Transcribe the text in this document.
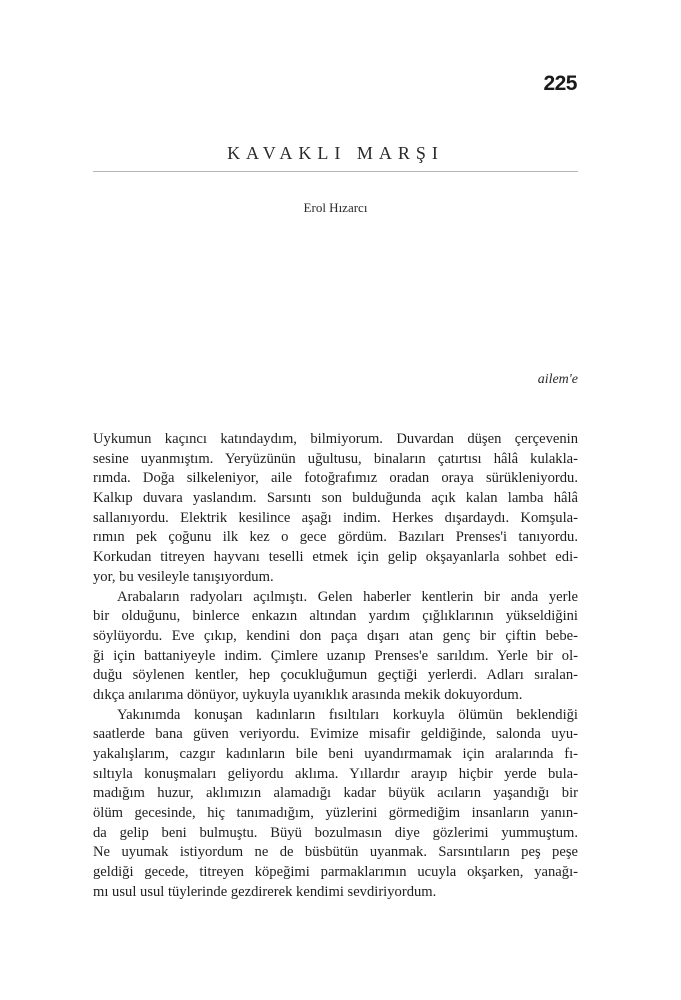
225
KAVAKLI MARŞI
Erol Hızarcı
ailem'e
Uykumun kaçıncı katındaydım, bilmiyorum. Duvardan düşen çerçevenin
sesine uyanmıştım. Yeryüzünün uğultusu, binaların çatırtısı hâlâ kulakla-
rımda. Doğa silkeleniyor, aile fotoğrafımız oradan oraya sürükleniyordu.
Kalkıp duvara yaslandım. Sarsıntı son bulduğunda açık kalan lamba hâlâ
sallanıyordu. Elektrik kesilince aşağı indim. Herkes dışardaydı. Komşula-
rımın pek çoğunu ilk kez o gece gördüm. Bazıları Prenses'i tanıyordu.
Korkudan titreyen hayvanı teselli etmek için gelip okşayanlarla sohbet edi-
yor, bu vesileyle tanışıyordum.
Arabaların radyoları açılmıştı. Gelen haberler kentlerin bir anda yerle
bir olduğunu, binlerce enkazın altından yardım çığlıklarının yükseldiğini
söylüyordu. Eve çıkıp, kendini don paça dışarı atan genç bir çiftin bebe-
ği için battaniyeyle indim. Çimlere uzanıp Prenses'e sarıldım. Yerle bir ol-
duğu söylenen kentler, hep çocukluğumun geçtiği yerlerdi. Adları sıralan-
dıkça anılarıma dönüyor, uykuyla uyanıklık arasında mekik dokuyordum.
Yakınımda konuşan kadınların fısıltıları korkuyla ölümün beklendiği
saatlerde bana güven veriyordu. Evimize misafir geldiğinde, salonda uyu-
yakalışlarım, cazgır kadınların bile beni uyandırmamak için aralarında fı-
sıltıyla konuşmaları geliyordu aklıma. Yıllardır arayıp hiçbir yerde bula-
madığım huzur, aklımızın alamadığı kadar büyük acıların yaşandığı bir
ölüm gecesinde, hiç tanımadığım, yüzlerini görmediğim insanların yanın-
da gelip beni bulmuştu. Büyü bozulmasın diye gözlerimi yummuştum.
Ne uyumak istiyordum ne de büsbütün uyanmak. Sarsıntıların peş peşe
geldiği gecede, titreyen köpeğimi parmaklarımın ucuyla okşarken, yanağı-
mı usul usul tüylerinde gezdirerek kendimi sevdiriyordum.
